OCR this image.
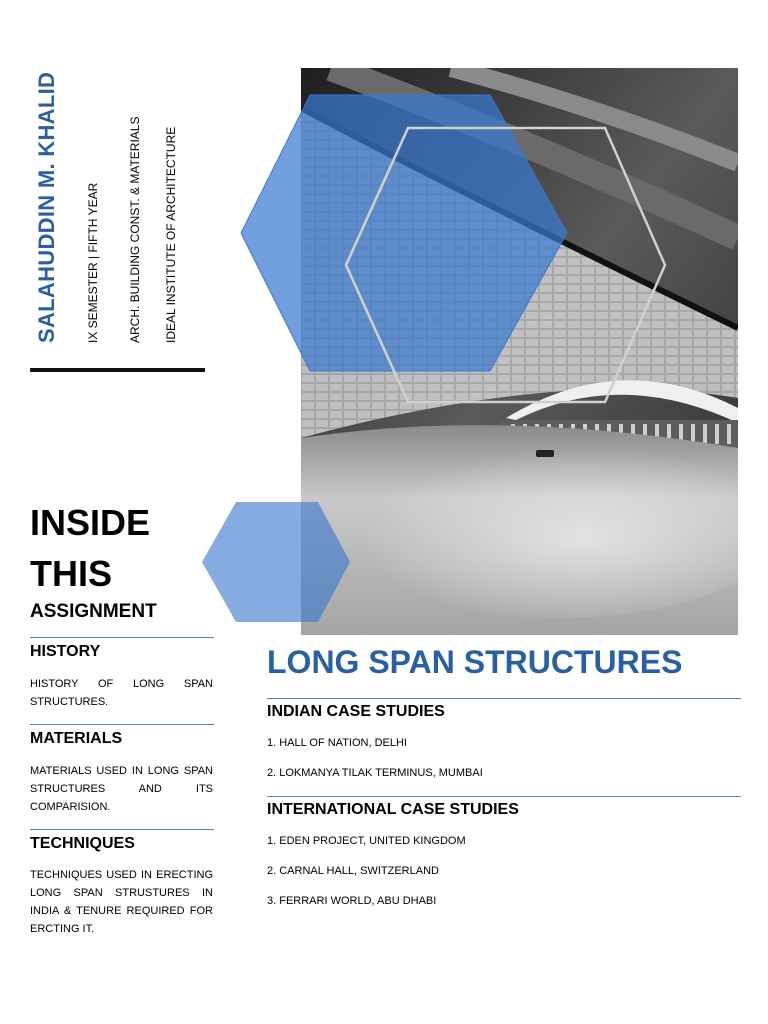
SALAHUDDIN M. KHALID IX SEMESTER | FIFTH YEAR ARCH. BUILDING CONST. & MATERIALS IDEAL INSTITUTE OF ARCHITECTURE
INSIDE
THIS
ASSIGNMENT
HISTORY
HISTORY OF LONG SPAN STRUCTURES.
MATERIALS
MATERIALS USED IN LONG SPAN STRUCTURES AND ITS COMPARISION.
TECHNIQUES
TECHNIQUES USED IN ERECTING LONG SPAN STRUSTURES IN INDIA & TENURE REQUIRED FOR ERCTING IT.
LONG SPAN STRUCTURES
INDIAN CASE STUDIES
1. HALL OF NATION, DELHI
2. LOKMANYA TILAK TERMINUS, MUMBAI
INTERNATIONAL CASE STUDIES
1. EDEN PROJECT, UNITED KINGDOM
2. CARNAL HALL, SWITZERLAND
3. FERRARI WORLD, ABU DHABI
